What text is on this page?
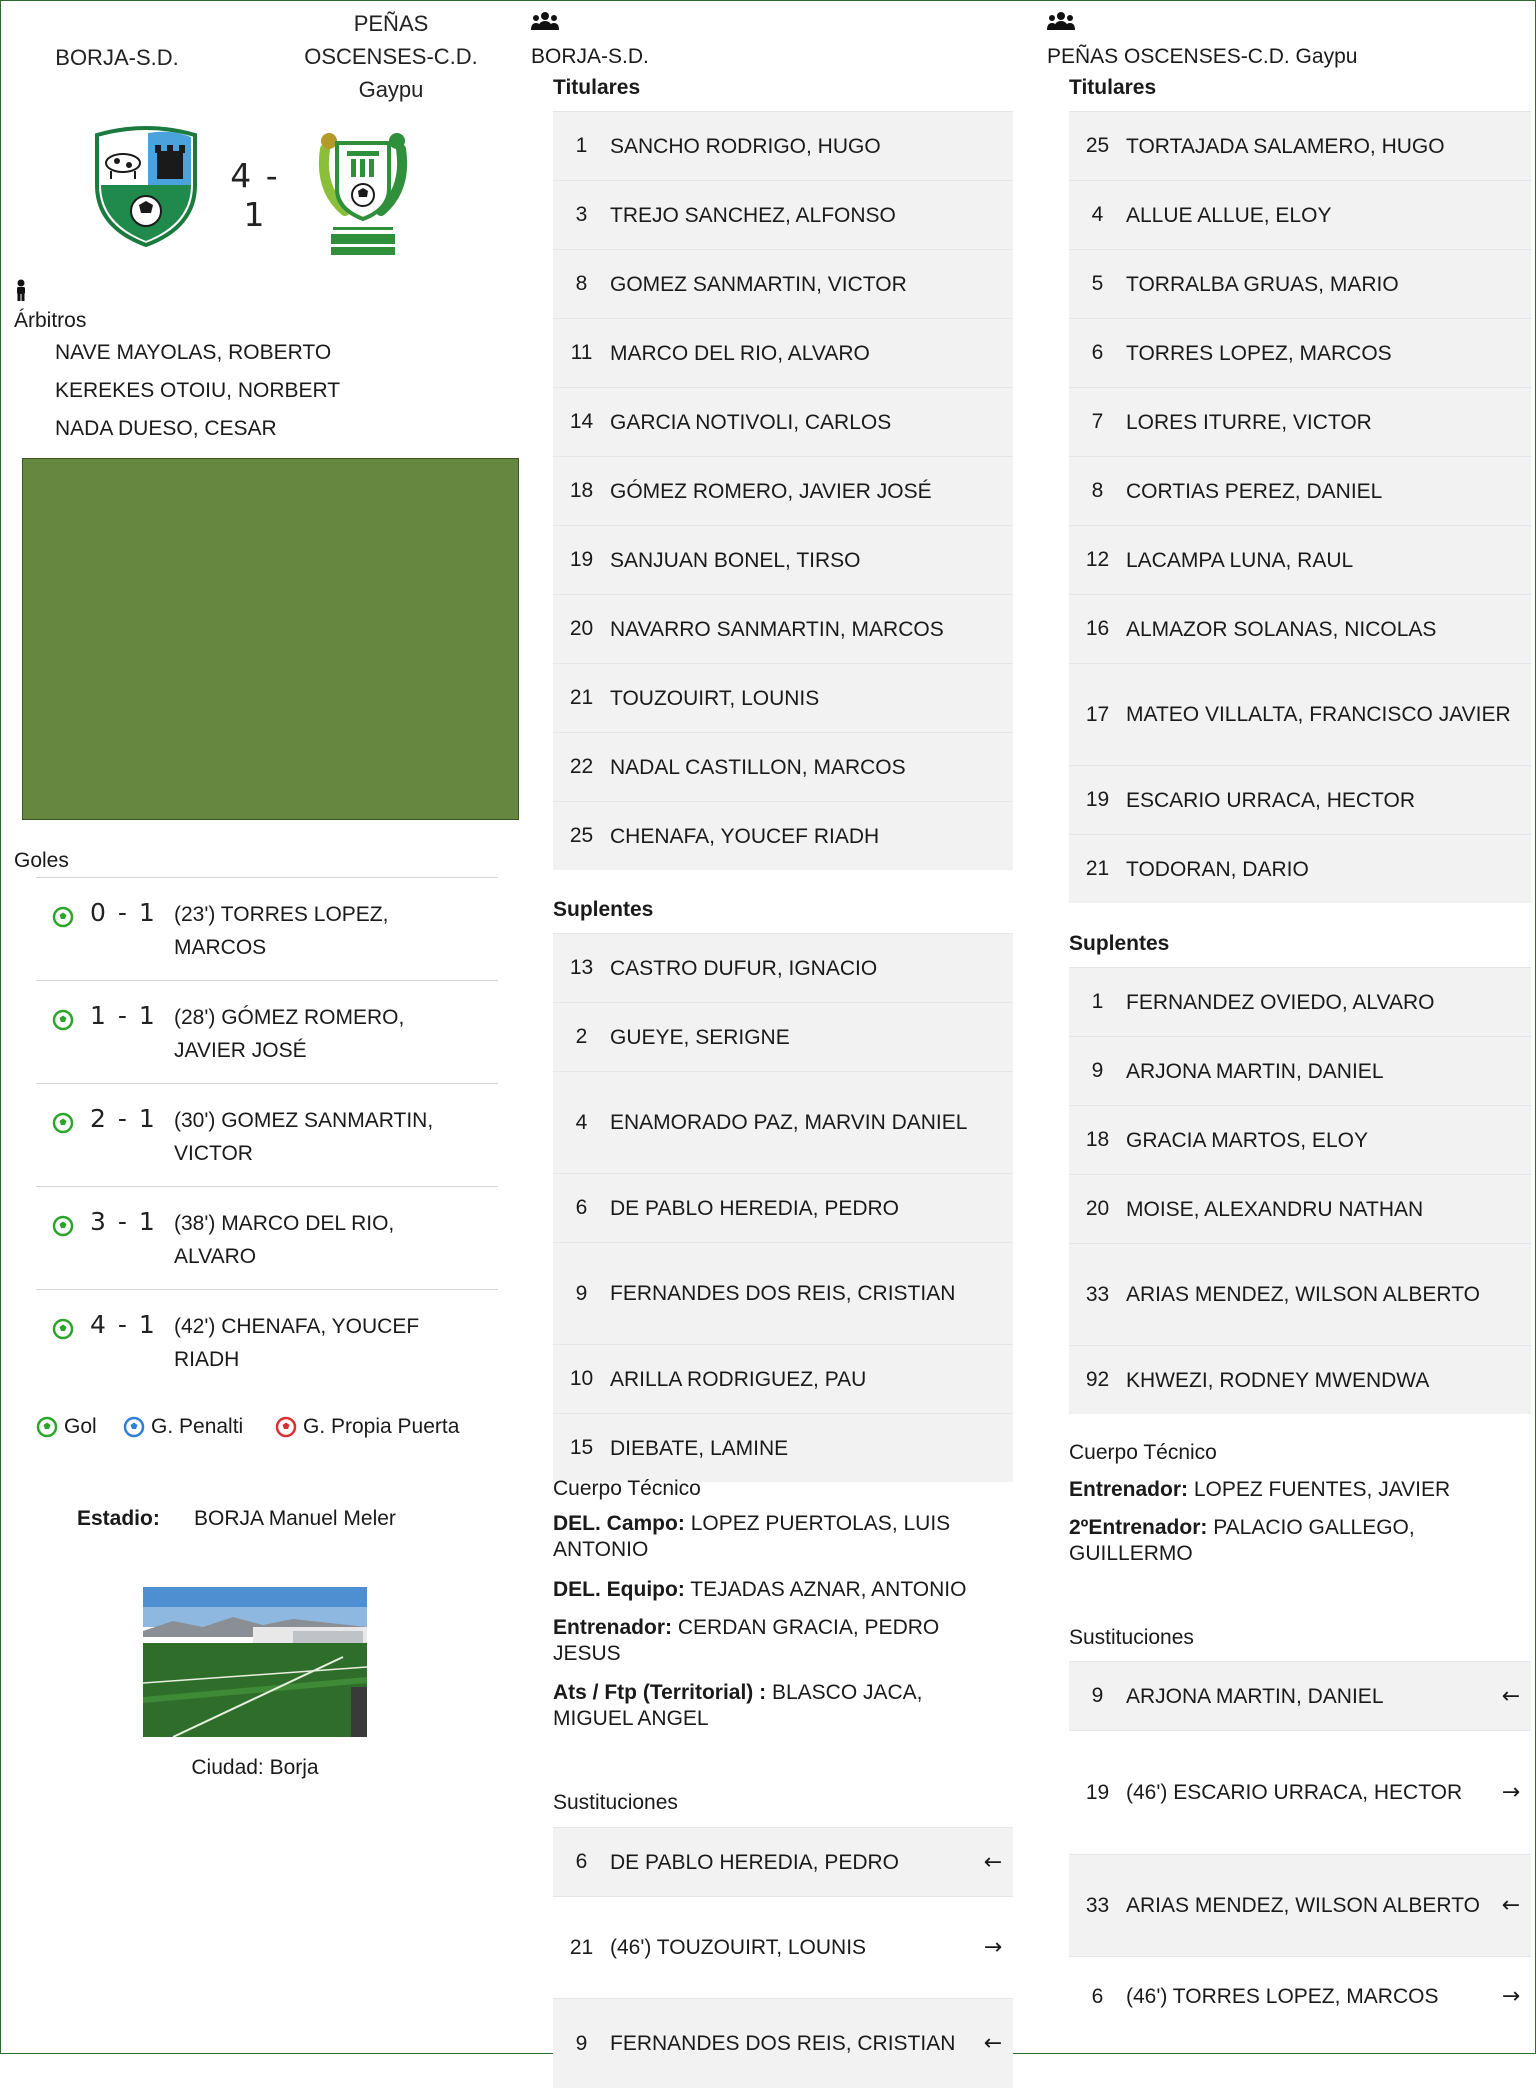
BORJA-S.D.
PEÑAS
OSCENSES-C.D.
Gaypu
4 - 1
Árbitros
NAVE MAYOLAS, ROBERTO
KEREKES OTOIU, NORBERT
NADA DUESO, CESAR
Goles
0 - 1 (23') TORRES LOPEZ, MARCOS
1 - 1 (28') GÓMEZ ROMERO, JAVIER JOSÉ
2 - 1 (30') GOMEZ SANMARTIN, VICTOR
3 - 1 (38') MARCO DEL RIO, ALVARO
4 - 1 (42') CHENAFA, YOUCEF RIADH
Gol	G. Penalti	G. Propia Puerta
Estadio: BORJA Manuel Meler
Ciudad: Borja
BORJA-S.D.
Titulares
1	SANCHO RODRIGO, HUGO
3	TREJO SANCHEZ, ALFONSO
8	GOMEZ SANMARTIN, VICTOR
11 MARCO DEL RIO, ALVARO
14 GARCIA NOTIVOLI, CARLOS
18 GÓMEZ ROMERO, JAVIER JOSÉ
19 SANJUAN BONEL, TIRSO
20 NAVARRO SANMARTIN, MARCOS
21 TOUZOUIRT, LOUNIS
22 NADAL CASTILLON, MARCOS
25 CHENAFA, YOUCEF RIADH
Suplentes
13 CASTRO DUFUR, IGNACIO
2	GUEYE, SERIGNE
4	ENAMORADO PAZ, MARVIN DANIEL
6	DE PABLO HEREDIA, PEDRO
9	FERNANDES DOS REIS, CRISTIAN
10 ARILLA RODRIGUEZ, PAU
15 DIEBATE, LAMINE
Cuerpo Técnico
DEL. Campo: LOPEZ PUERTOLAS, LUIS ANTONIO
DEL. Equipo: TEJADAS AZNAR, ANTONIO
Entrenador: CERDAN GRACIA, PEDRO JESUS
Ats / Ftp (Territorial) : BLASCO JACA, MIGUEL ANGEL
Sustituciones
6	DE PABLO HEREDIA, PEDRO	←
21 (46') TOUZOUIRT, LOUNIS	→
9	FERNANDES DOS REIS, CRISTIAN	←
PEÑAS OSCENSES-C.D. Gaypu
Titulares
25 TORTAJADA SALAMERO, HUGO
4	ALLUE ALLUE, ELOY
5	TORRALBA GRUAS, MARIO
6	TORRES LOPEZ, MARCOS
7	LORES ITURRE, VICTOR
8	CORTIAS PEREZ, DANIEL
12 LACAMPA LUNA, RAUL
16 ALMAZOR SOLANAS, NICOLAS
17 MATEO VILLALTA, FRANCISCO JAVIER
19 ESCARIO URRACA, HECTOR
21 TODORAN, DARIO
Suplentes
1	FERNANDEZ OVIEDO, ALVARO
9	ARJONA MARTIN, DANIEL
18 GRACIA MARTOS, ELOY
20 MOISE, ALEXANDRU NATHAN
33 ARIAS MENDEZ, WILSON ALBERTO
92 KHWEZI, RODNEY MWENDWA
Cuerpo Técnico
Entrenador: LOPEZ FUENTES, JAVIER
2ºEntrenador: PALACIO GALLEGO, GUILLERMO
Sustituciones
9	ARJONA MARTIN, DANIEL	←
19 (46') ESCARIO URRACA, HECTOR	→
33 ARIAS MENDEZ, WILSON ALBERTO ←
6	(46') TORRES LOPEZ, MARCOS	→
